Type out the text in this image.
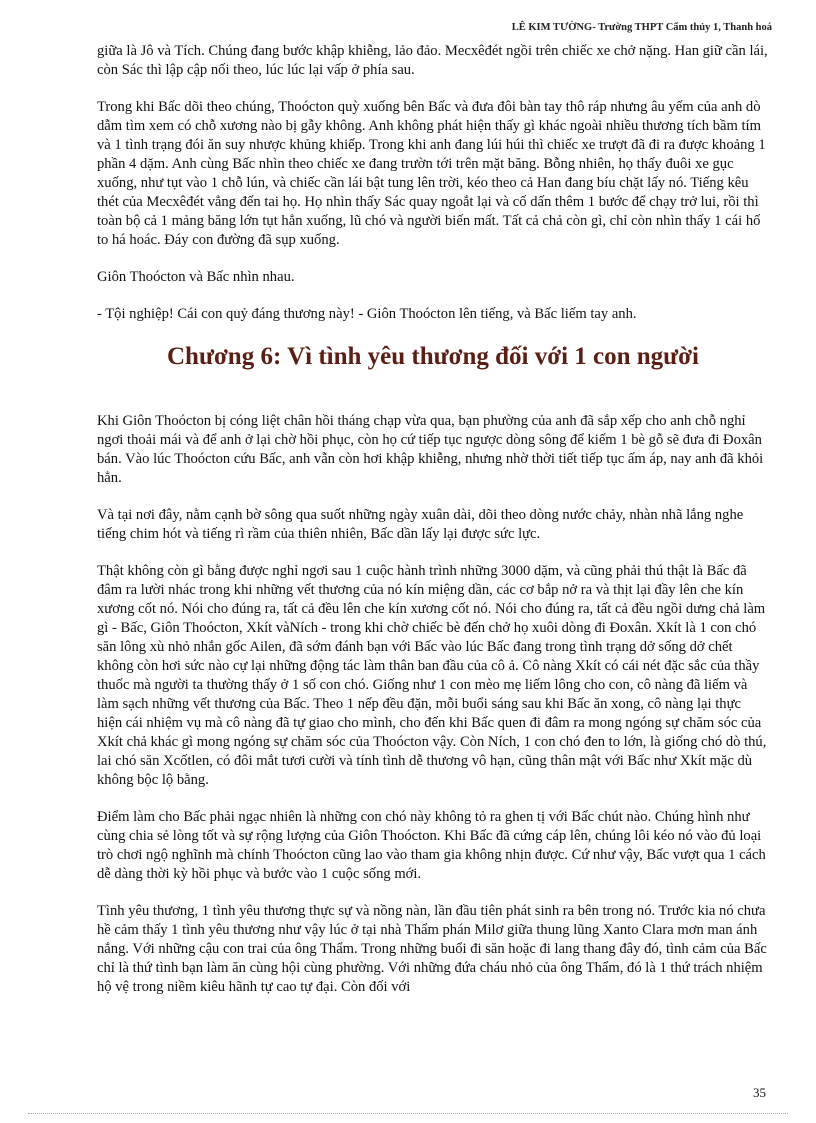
LÊ KIM TƯỜNG- Trường THPT Cẩm thủy 1, Thanh hoá

giữa là Jô và Tích. Chúng đang bước khập khiễng, lảo đảo. Mecxêđét ngồi trên chiếc xe chở nặng. Han giữ cần lái, còn Sác thì lập cập nối theo, lúc lúc lại vấp ở phía sau.

Trong khi Bấc dõi theo chúng, Thoócton quỳ xuống bên Bấc và đưa đôi bàn tay thô ráp nhưng âu yếm của anh dò dẫm tìm xem có chỗ xương nào bị gẫy không. Anh không phát hiện thấy gì khác ngoài nhiều thương tích bầm tím và 1 tình trạng đói ăn suy nhược khủng khiếp. Trong khi anh đang lúi húi thì chiếc xe trượt đã đi ra được khoảng 1 phần 4 dặm. Anh cùng Bấc nhìn theo chiếc xe đang trườn tới trên mặt băng. Bỗng nhiên, họ thấy đuôi xe gục xuống, như tụt vào 1 chỗ lún, và chiếc cần lái bật tung lên trời, kéo theo cả Han đang bíu chặt lấy nó. Tiếng kêu thét của Mecxêđét vẳng đến tai họ. Họ nhìn thấy Sác quay ngoắt lại và cố dấn thêm 1 bước để chạy trở lui, rồi thì toàn bộ cả 1 mảng băng lớn tụt hẳn xuống, lũ chó và người biến mất. Tất cả chả còn gì, chỉ còn nhìn thấy 1 cái hố to há hoác. Đáy con đường đã sụp xuống.

Giôn Thoócton và Bấc nhìn nhau.

- Tội nghiệp! Cái con quỷ đáng thương này! - Giôn Thoócton lên tiếng, và Bấc liếm tay anh.

Chương 6: Vì tình yêu thương đối với 1 con người

Khi Giôn Thoócton bị cóng liệt chân hồi tháng chạp vừa qua, bạn phường của anh đã sắp xếp cho anh chỗ nghỉ ngơi thoải mái và để anh ở lại chờ hồi phục, còn họ cứ tiếp tục ngược dòng sông để kiếm 1 bè gỗ sẽ đưa đi Đoxân bán. Vào lúc Thoócton cứu Bấc, anh vẫn còn hơi khập khiễng, nhưng nhờ thời tiết tiếp tục ấm áp, nay anh đã khỏi hẳn.

Và tại nơi đây, nằm cạnh bờ sông qua suốt những ngày xuân dài, dõi theo dòng nước chảy, nhàn nhã lắng nghe tiếng chim hót và tiếng rì rầm của thiên nhiên, Bấc dần lấy lại được sức lực.

Thật không còn gì bằng được nghỉ ngơi sau 1 cuộc hành trình những 3000 dặm, và cũng phải thú thật là Bấc đã đâm ra lười nhác trong khi những vết thương của nó kín miệng dần, các cơ bắp nở ra và thịt lại đầy lên che kín xương cốt nó. Nói cho đúng ra, tất cả đều lên che kín xương cốt nó. Nói cho đúng ra, tất cả đều ngồi dưng chả làm gì - Bấc, Giôn Thoócton, Xkít vàNích - trong khi chờ chiếc bè đến chở họ xuôi dòng đi Đoxân. Xkít là 1 con chó săn lông xù nhỏ nhắn gốc Ailen, đã sớm đánh bạn với Bấc vào lúc Bấc đang trong tình trạng dở sống dở chết không còn hơi sức nào cự lại những động tác làm thân ban đầu của cô ả. Cô nàng Xkít có cái nét đặc sắc của thầy thuốc mà người ta thường thấy ở 1 số con chó. Giống như 1 con mèo mẹ liếm lông cho con, cô nàng đã liếm và làm sạch những vết thương của Bấc. Theo 1 nếp đều đặn, mỗi buổi sáng sau khi Bấc ăn xong, cô nàng lại thực hiện cái nhiệm vụ mà cô nàng đã tự giao cho mình, cho đến khi Bấc quen đi đâm ra mong ngóng sự chăm sóc của Xkít chả khác gì mong ngóng sự chăm sóc của Thoócton vậy. Còn Ních, 1 con chó đen to lớn, là giống chó dò thú, lai chó săn Xcốtlen, có đôi mắt tươi cười và tính tình dễ thương vô hạn, cũng thân mật với Bấc như Xkít mặc dù không bộc lộ bằng.

Điểm làm cho Bấc phải ngạc nhiên là những con chó này không tỏ ra ghen tị với Bấc chút nào. Chúng hình như cùng chia sẻ lòng tốt và sự rộng lượng của Giôn Thoócton. Khi Bấc đã cứng cáp lên, chúng lôi kéo nó vào đủ loại trò chơi ngộ nghĩnh mà chính Thoócton cũng lao vào tham gia không nhịn được. Cứ như vậy, Bấc vượt qua 1 cách dễ dàng thời kỳ hồi phục và bước vào 1 cuộc sống mới.

Tình yêu thương, 1 tình yêu thương thực sự và nồng nàn, lần đầu tiên phát sinh ra bên trong nó. Trước kia nó chưa hề cảm thấy 1 tình yêu thương như vậy lúc ở tại nhà Thẩm phán Milơ giữa thung lũng Xanto Clara mơn man ánh nắng. Với những cậu con trai của ông Thẩm. Trong những buổi đi săn hoặc đi lang thang đây đó, tình cảm của Bấc chỉ là thứ tình bạn làm ăn cùng hội cùng phường. Với những đứa cháu nhỏ của ông Thẩm, đó là 1 thứ trách nhiệm hộ vệ trong niềm kiêu hãnh tự cao tự đại. Còn đối với

35
